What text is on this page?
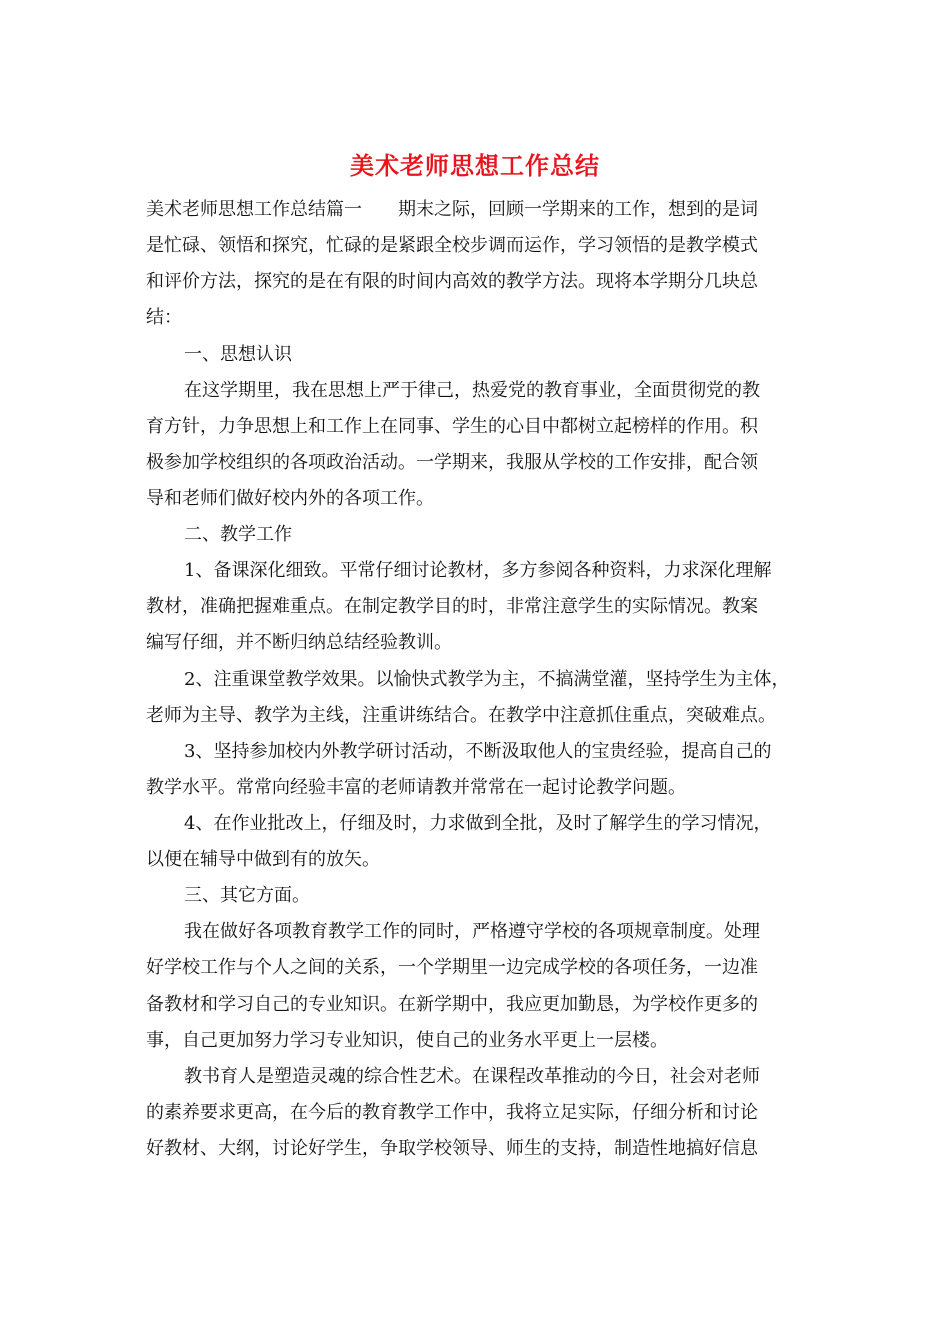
美术老师思想工作总结
美术老师思想工作总结篇一　　期末之际，回顾一学期来的工作，想到的是词
是忙碌、领悟和探究，忙碌的是紧跟全校步调而运作，学习领悟的是教学模式
和评价方法，探究的是在有限的时间内高效的教学方法。现将本学期分几块总
结：
一、思想认识
在这学期里，我在思想上严于律己，热爱党的教育事业，全面贯彻党的教
育方针，力争思想上和工作上在同事、学生的心目中都树立起榜样的作用。积
极参加学校组织的各项政治活动。一学期来，我服从学校的工作安排，配合领
导和老师们做好校内外的各项工作。
二、教学工作
1、备课深化细致。平常仔细讨论教材，多方参阅各种资料，力求深化理解
教材，准确把握难重点。在制定教学目的时，非常注意学生的实际情况。教案
编写仔细，并不断归纳总结经验教训。
2、注重课堂教学效果。以愉快式教学为主，不搞满堂灌，坚持学生为主体，
老师为主导、教学为主线，注重讲练结合。在教学中注意抓住重点，突破难点。
3、坚持参加校内外教学研讨活动，不断汲取他人的宝贵经验，提高自己的
教学水平。常常向经验丰富的老师请教并常常在一起讨论教学问题。
4、在作业批改上，仔细及时，力求做到全批，及时了解学生的学习情况，
以便在辅导中做到有的放矢。
三、其它方面。
我在做好各项教育教学工作的同时，严格遵守学校的各项规章制度。处理
好学校工作与个人之间的关系，一个学期里一边完成学校的各项任务，一边准
备教材和学习自己的专业知识。在新学期中，我应更加勤恳，为学校作更多的
事，自己更加努力学习专业知识，使自己的业务水平更上一层楼。
教书育人是塑造灵魂的综合性艺术。在课程改革推动的今日，社会对老师
的素养要求更高，在今后的教育教学工作中，我将立足实际，仔细分析和讨论
好教材、大纲，讨论好学生，争取学校领导、师生的支持，制造性地搞好信息
